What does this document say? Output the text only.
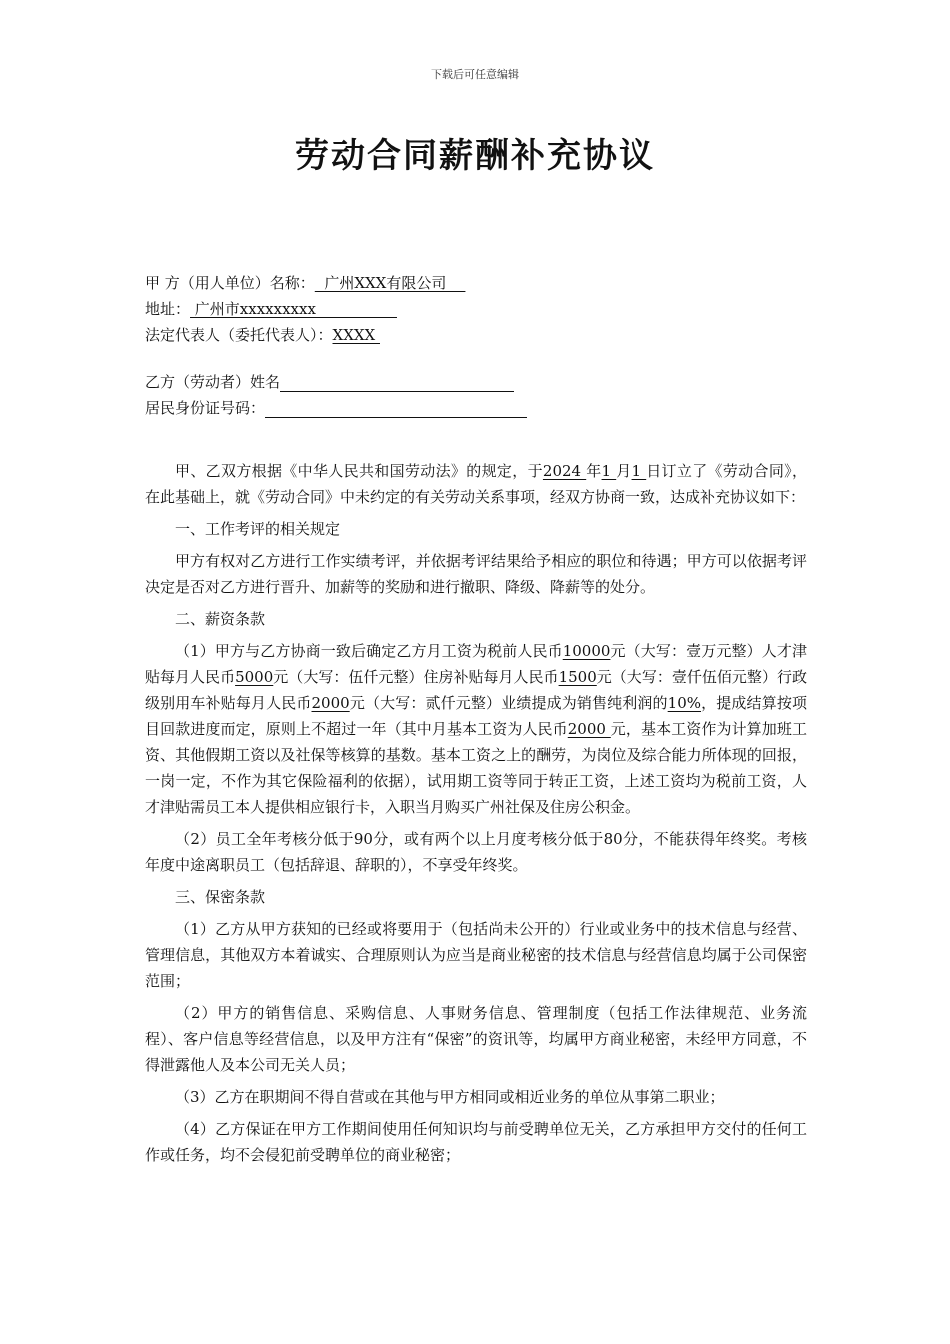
下载后可任意编辑
劳动合同薪酬补充协议
甲 方（用人单位）名称：  广州XXX有限公司
地址： 广州市xxxxxxxxx
法定代表人（委托代表人）：XXXX
乙方（劳动者）姓名
居民身份证号码：

甲、乙双方根据《中华人民共和国劳动法》的规定，于2024 年1 月1 日订立了《劳动合同》，在此基础上，就《劳动合同》中未约定的有关劳动关系事项，经双方协商一致，达成补充协议如下：

一、工作考评的相关规定

甲方有权对乙方进行工作实绩考评，并依据考评结果给予相应的职位和待遇；甲方可以依据考评决定是否对乙方进行晋升、加薪等的奖励和进行撤职、降级、降薪等的处分。

二、薪资条款

（1）甲方与乙方协商一致后确定乙方月工资为税前人民币10000元（大写：壹万元整）人才津贴每月人民币5000元（大写：伍仟元整）住房补贴每月人民币1500元（大写：壹仟伍佰元整）行政级别用车补贴每月人民币2000元（大写：贰仟元整）业绩提成为销售纯利润的10%，提成结算按项目回款进度而定，原则上不超过一年（其中月基本工资为人民币2000 元，基本工资作为计算加班工资、其他假期工资以及社保等核算的基数。基本工资之上的酬劳，为岗位及综合能力所体现的回报，一岗一定，不作为其它保险福利的依据），试用期工资等同于转正工资，上述工资均为税前工资，人才津贴需员工本人提供相应银行卡，入职当月购买广州社保及住房公积金。

（2）员工全年考核分低于90分，或有两个以上月度考核分低于80分，不能获得年终奖。考核年度中途离职员工（包括辞退、辞职的），不享受年终奖。

三、保密条款

（1）乙方从甲方获知的已经或将要用于（包括尚未公开的）行业或业务中的技术信息与经营、管理信息，其他双方本着诚实、合理原则认为应当是商业秘密的技术信息与经营信息均属于公司保密范围；

（2）甲方的销售信息、采购信息、人事财务信息、管理制度（包括工作法律规范、业务流程）、客户信息等经营信息，以及甲方注有“保密”的资讯等，均属甲方商业秘密，未经甲方同意，不得泄露他人及本公司无关人员；

（3）乙方在职期间不得自营或在其他与甲方相同或相近业务的单位从事第二职业；

（4）乙方保证在甲方工作期间使用任何知识均与前受聘单位无关，乙方承担甲方交付的任何工作或任务，均不会侵犯前受聘单位的商业秘密；
